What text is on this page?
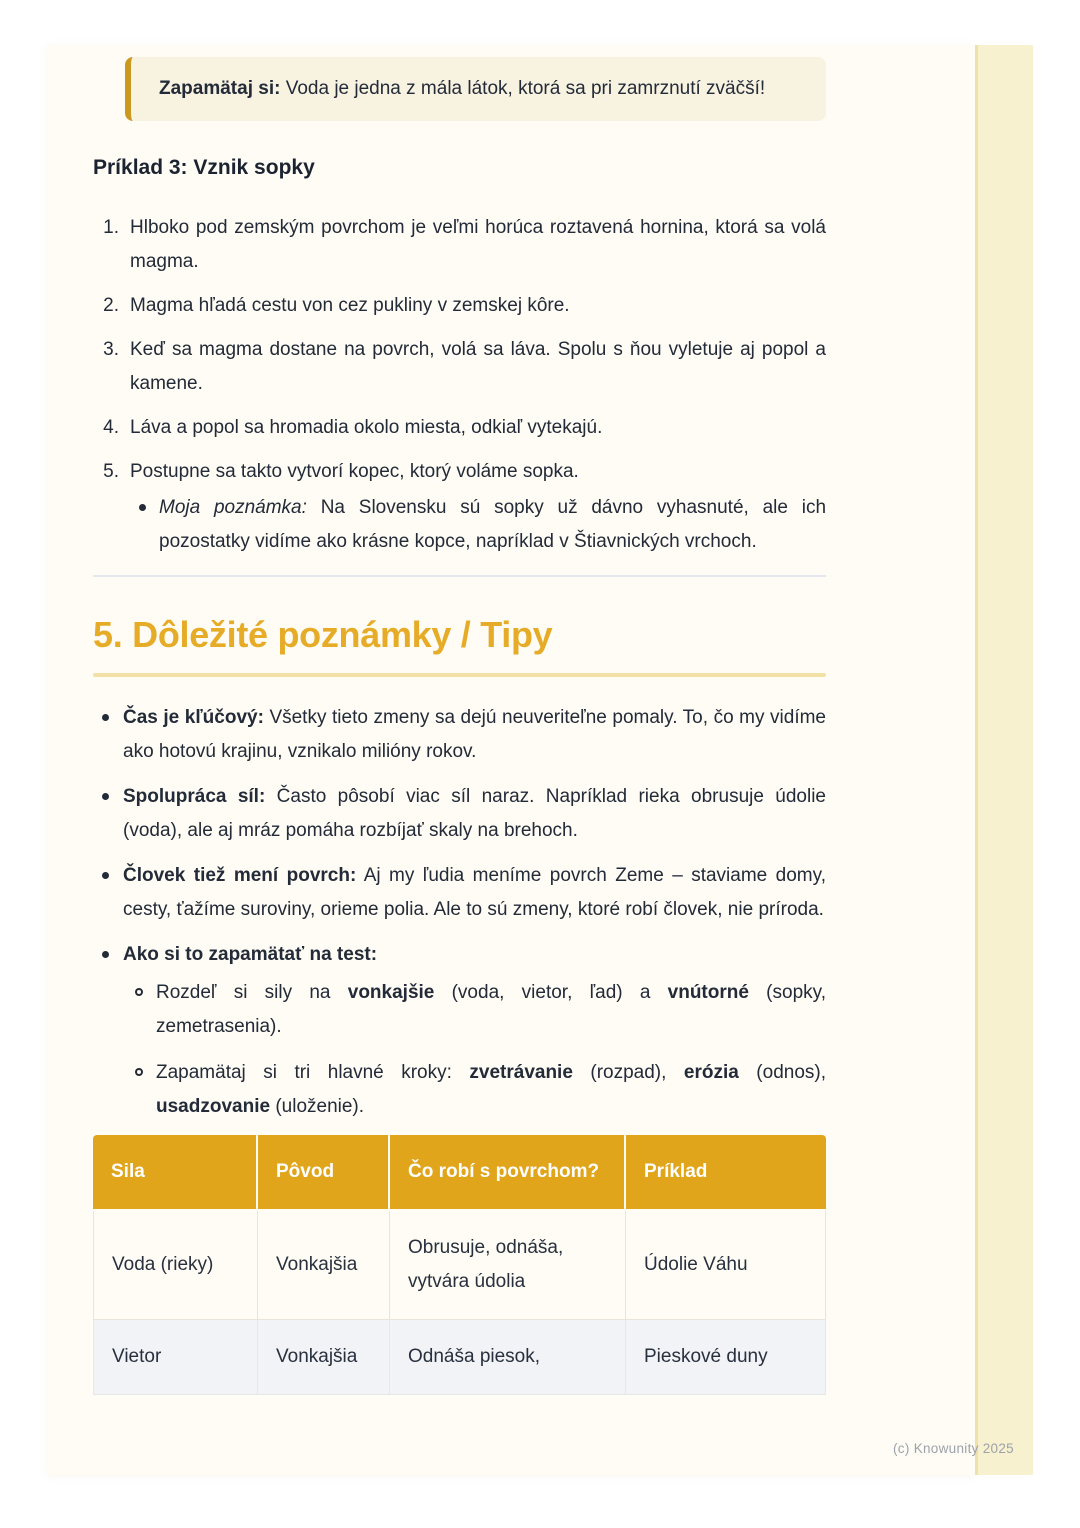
Zapamätaj si: Voda je jedna z mála látok, ktorá sa pri zamrznutí zväčší!
Príklad 3: Vznik sopky
1. Hlboko pod zemským povrchom je veľmi horúca roztavená hornina, ktorá sa volá magma.
2. Magma hľadá cestu von cez pukliny v zemskej kôre.
3. Keď sa magma dostane na povrch, volá sa láva. Spolu s ňou vyletuje aj popol a kamene.
4. Láva a popol sa hromadia okolo miesta, odkiaľ vytekajú.
5. Postupne sa takto vytvorí kopec, ktorý voláme sopka.
Moja poznámka: Na Slovensku sú sopky už dávno vyhasnuté, ale ich pozostatky vidíme ako krásne kopce, napríklad v Štiavnických vrchoch.
5. Dôležité poznámky / Tipy
Čas je kľúčový: Všetky tieto zmeny sa dejú neuveriteľne pomaly. To, čo my vidíme ako hotovú krajinu, vznikalo milióny rokov.
Spolupráca síl: Často pôsobí viac síl naraz. Napríklad rieka obrusuje údolie (voda), ale aj mráz pomáha rozbíjať skaly na brehoch.
Človek tiež mení povrch: Aj my ľudia meníme povrch Zeme – staviame domy, cesty, ťažíme suroviny, orieme polia. Ale to sú zmeny, ktoré robí človek, nie príroda.
Ako si to zapamätať na test:
Rozdeľ si sily na vonkajšie (voda, vietor, ľad) a vnútorné (sopky, zemetrasenia).
Zapamätaj si tri hlavné kroky: zvetrávanie (rozpad), erózia (odnos), usadzovanie (uloženie).
Sila	Pôvod	Čo robí s povrchom?	Príklad
Voda (rieky)	Vonkajšia	Obrusuje, odnáša, vytvára údolia	Údolie Váhu
Vietor	Vonkajšia	Odnáša piesok,	Pieskové duny
(c) Knowunity 2025
